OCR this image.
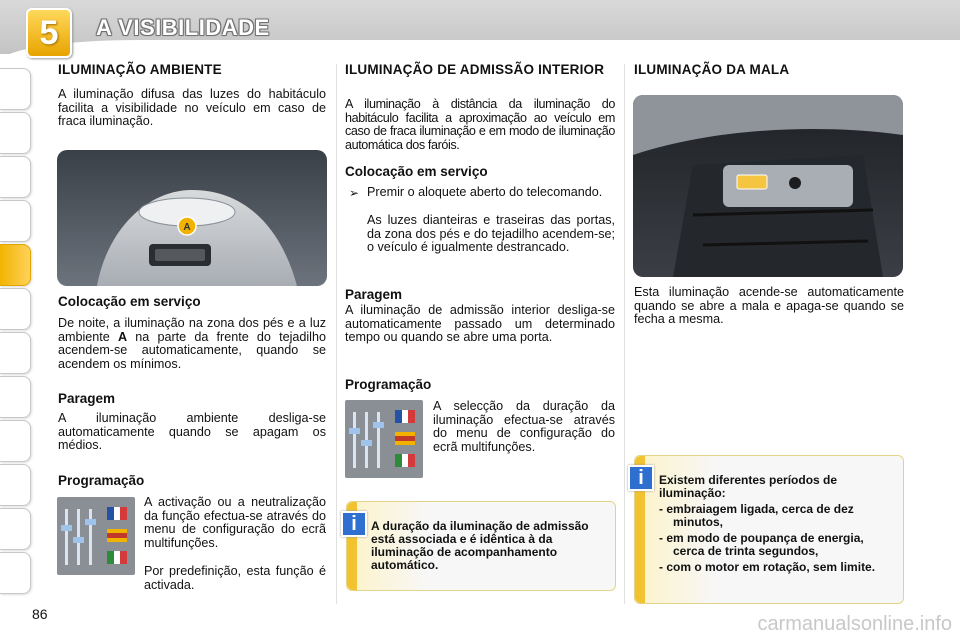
5	A VISIBILIDADE
ILUMINAÇÃO AMBIENTE

A iluminação difusa das luzes do habitáculo facilita a visibilidade no veículo em caso de fraca iluminação.

A
Colocação em serviço

De noite, a iluminação na zona dos pés e a luz ambiente A na parte da frente do tejadilho acendem-se automaticamente, quando se acendem os mínimos.

Paragem

A iluminação ambiente desliga-se automaticamente quando se apagam os médios.

Programação

A activação ou a neutralização da função efectua-se através do menu de configuração do ecrã multifunções.

Por predefinição, esta função é activada.

ILUMINAÇÃO DE ADMISSÃO INTERIOR

A iluminação à distância da iluminação do habitáculo facilita a aproximação ao veículo em caso de fraca iluminação e em modo de iluminação automática dos faróis.

Colocação em serviço
➢ Premir o aloquete aberto do telecomando.

As luzes dianteiras e traseiras das portas, da zona dos pés e do tejadilho acendem-se; o veículo é igualmente destrancado.

Paragem

A iluminação de admissão interior desliga-se automaticamente passado um determinado tempo ou quando se abre uma porta.

Programação

A selecção da duração da iluminação efectua-se através do menu de configuração do ecrã multifunções.

A duração da iluminação de admissão está associada e é idêntica à da iluminação de acompanhamento automático.
i
ILUMINAÇÃO DA MALA

Esta iluminação acende-se automaticamente quando se abre a mala e apaga-se quando se fecha a mesma.

Existem diferentes períodos de iluminação:
- embraiagem ligada, cerca de dez minutos,
- em modo de poupança de energia, cerca de trinta segundos,
- com o motor em rotação, sem limite.
i
86	carmanualsonline.info
